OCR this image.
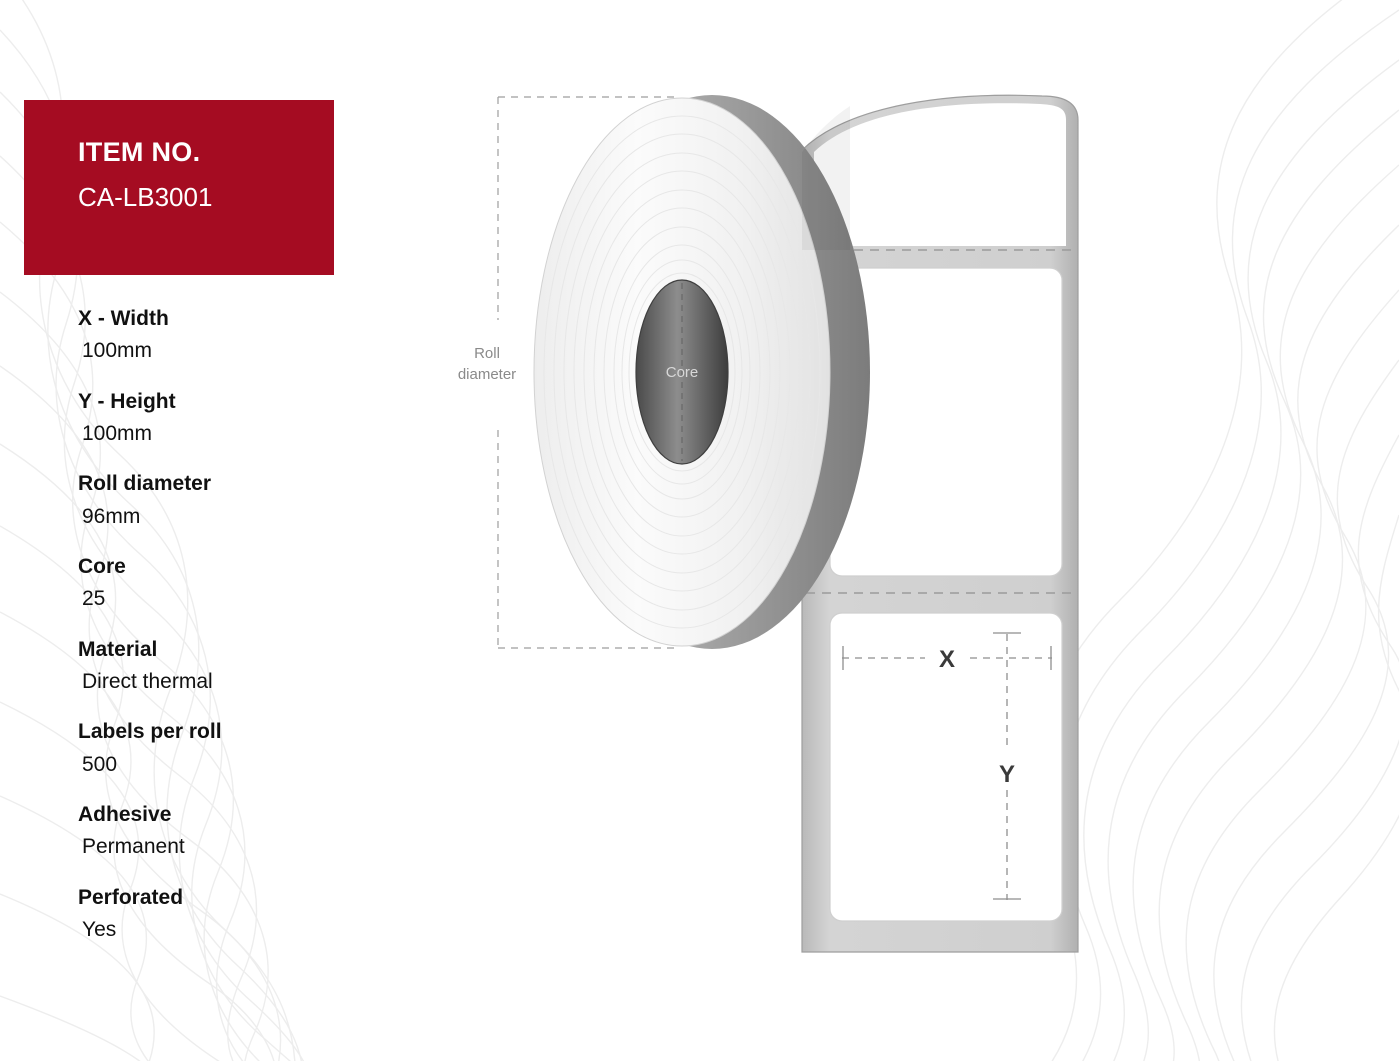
ITEM NO.
CA-LB3001
X - Width
100mm
Y - Height
100mm
Roll diameter
96mm
Core
25
Material
Direct thermal
Labels per roll
500
Adhesive
Permanent
Perforated
Yes
Roll
diameter
X
Y
Core
